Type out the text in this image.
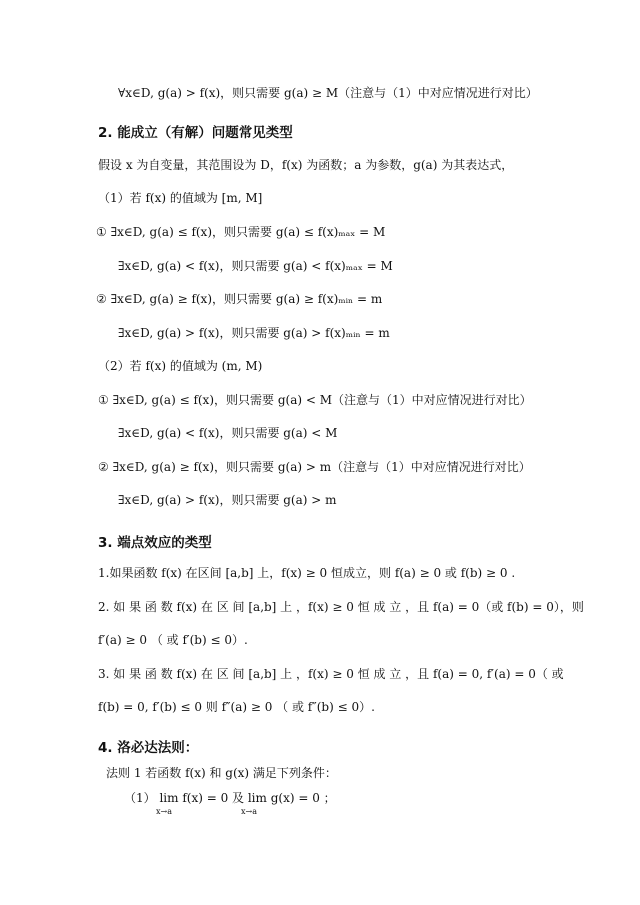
∀x∈D, g(a) > f(x)，则只需要 g(a) ≥ M（注意与（1）中对应情况进行对比）
2. 能成立（有解）问题常见类型
假设 x 为自变量，其范围设为 D，f(x) 为函数；a 为参数，g(a) 为其表达式，
（1）若 f(x) 的值域为 [m, M]
① ∃x∈D, g(a) ≤ f(x)，则只需要 g(a) ≤ f(x)ₘₐₓ = M
∃x∈D, g(a) < f(x)，则只需要 g(a) < f(x)ₘₐₓ = M
② ∃x∈D, g(a) ≥ f(x)，则只需要 g(a) ≥ f(x)ₘᵢₙ = m
∃x∈D, g(a) > f(x)，则只需要 g(a) > f(x)ₘᵢₙ = m
（2）若 f(x) 的值域为 (m, M)
① ∃x∈D, g(a) ≤ f(x)，则只需要 g(a) < M（注意与（1）中对应情况进行对比）
∃x∈D, g(a) < f(x)，则只需要 g(a) < M
② ∃x∈D, g(a) ≥ f(x)，则只需要 g(a) > m（注意与（1）中对应情况进行对比）
∃x∈D, g(a) > f(x)，则只需要 g(a) > m
3. 端点效应的类型
1.如果函数 f(x) 在区间 [a,b] 上，f(x) ≥ 0 恒成立，则 f(a) ≥ 0 或 f(b) ≥ 0 .
2. 如 果 函 数 f(x) 在 区 间 [a,b] 上 ，f(x) ≥ 0 恒 成 立 ，且 f(a) = 0（或 f(b) = 0），则
f′(a) ≥ 0 （ 或 f′(b) ≤ 0）.
3. 如 果 函 数 f(x) 在 区 间 [a,b] 上 ，f(x) ≥ 0 恒 成 立 ，且 f(a) = 0, f′(a) = 0（ 或
f(b) = 0, f′(b) ≤ 0 则 f″(a) ≥ 0 （ 或 f″(b) ≤ 0）.
4. 洛必达法则：
法则 1 若函数 f(x) 和 g(x) 满足下列条件：
（1） lim f(x) = 0 及 lim g(x) = 0 ；
x→a	x→a
